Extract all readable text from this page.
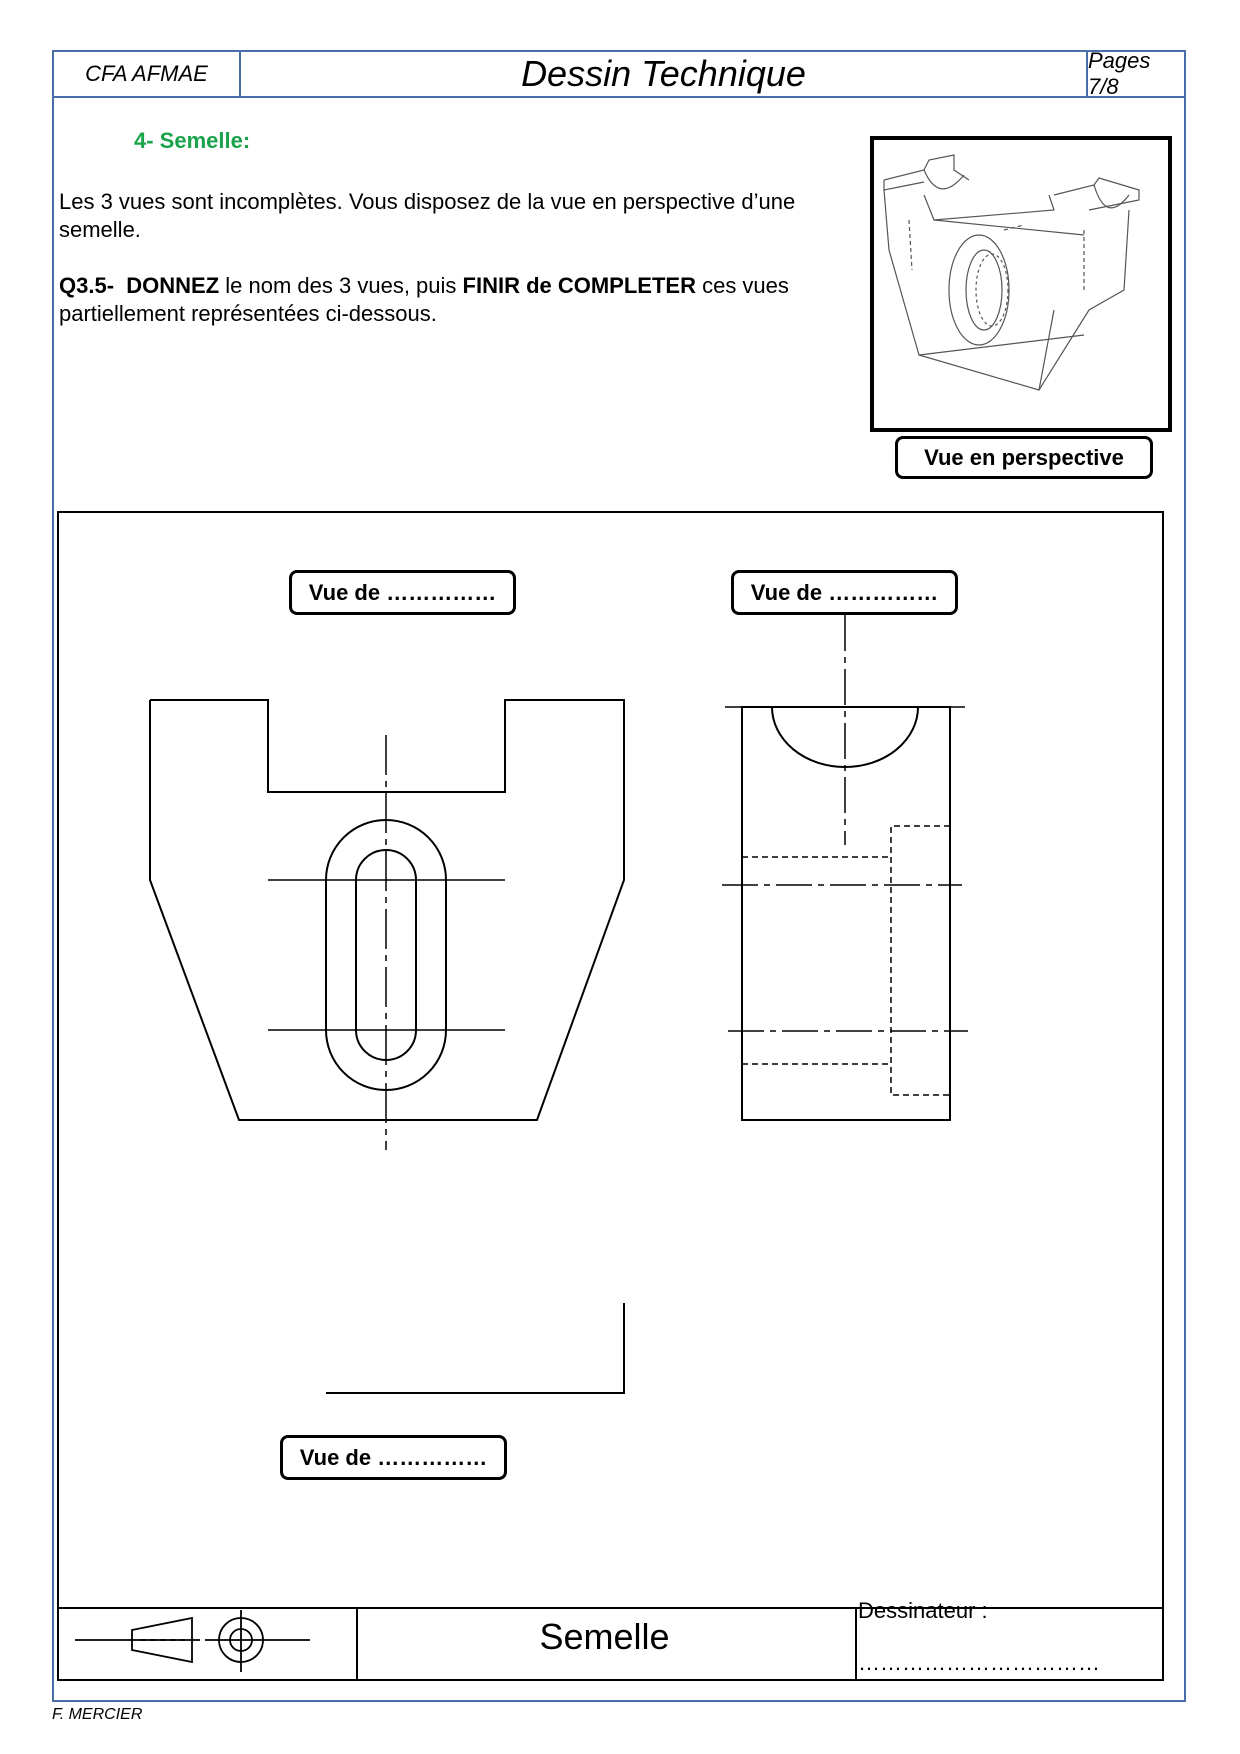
CFA AFMAE	Dessin Technique	Pages 7/8
4- Semelle:
Les 3 vues sont incomplètes. Vous disposez de la vue en perspective d’une semelle.
Q3.5- DONNEZ le nom des 3 vues, puis FINIR de COMPLETER ces vues partiellement représentées ci-dessous.
Vue en perspective
Vue de ……………	Vue de ……………
Vue de ……………
Semelle
Dessinateur :
……………………………
F. MERCIER
